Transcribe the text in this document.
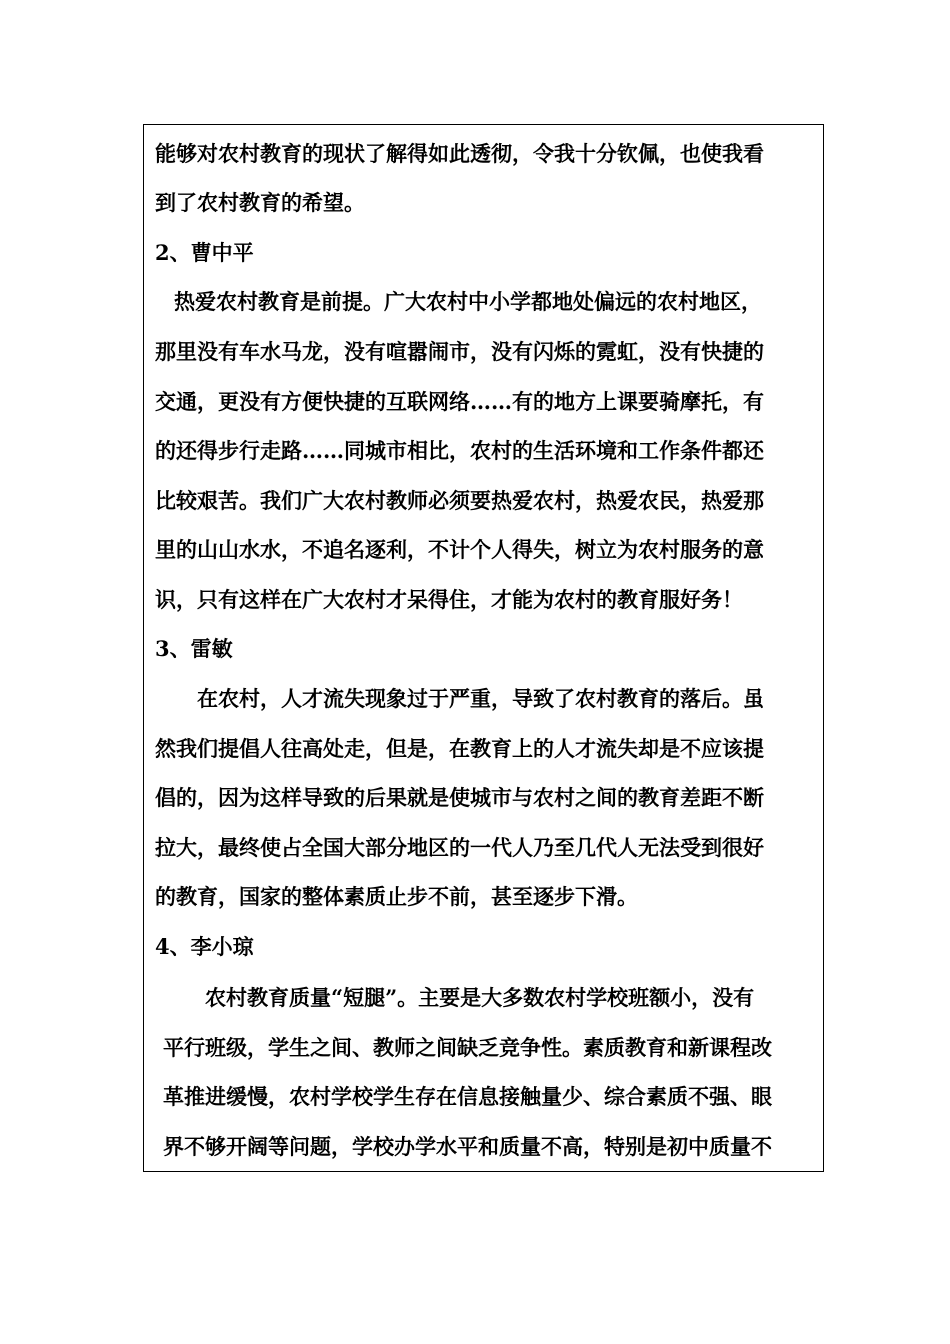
能够对农村教育的现状了解得如此透彻，令我十分钦佩，也使我看
到了农村教育的希望。
2、曹中平
热爱农村教育是前提。广大农村中小学都地处偏远的农村地区，
那里没有车水马龙，没有喧嚣闹市，没有闪烁的霓虹，没有快捷的
交通，更没有方便快捷的互联网络……有的地方上课要骑摩托，有
的还得步行走路……同城市相比，农村的生活环境和工作条件都还
比较艰苦。我们广大农村教师必须要热爱农村，热爱农民，热爱那
里的山山水水，不追名逐利，不计个人得失，树立为农村服务的意
识，只有这样在广大农村才呆得住，才能为农村的教育服好务！
3、雷敏
在农村，人才流失现象过于严重，导致了农村教育的落后。虽
然我们提倡人往高处走，但是，在教育上的人才流失却是不应该提
倡的，因为这样导致的后果就是使城市与农村之间的教育差距不断
拉大，最终使占全国大部分地区的一代人乃至几代人无法受到很好
的教育，国家的整体素质止步不前，甚至逐步下滑。
4、李小琼
农村教育质量“短腿”。主要是大多数农村学校班额小，没有
平行班级，学生之间、教师之间缺乏竞争性。素质教育和新课程改
革推进缓慢，农村学校学生存在信息接触量少、综合素质不强、眼
界不够开阔等问题，学校办学水平和质量不高，特别是初中质量不
